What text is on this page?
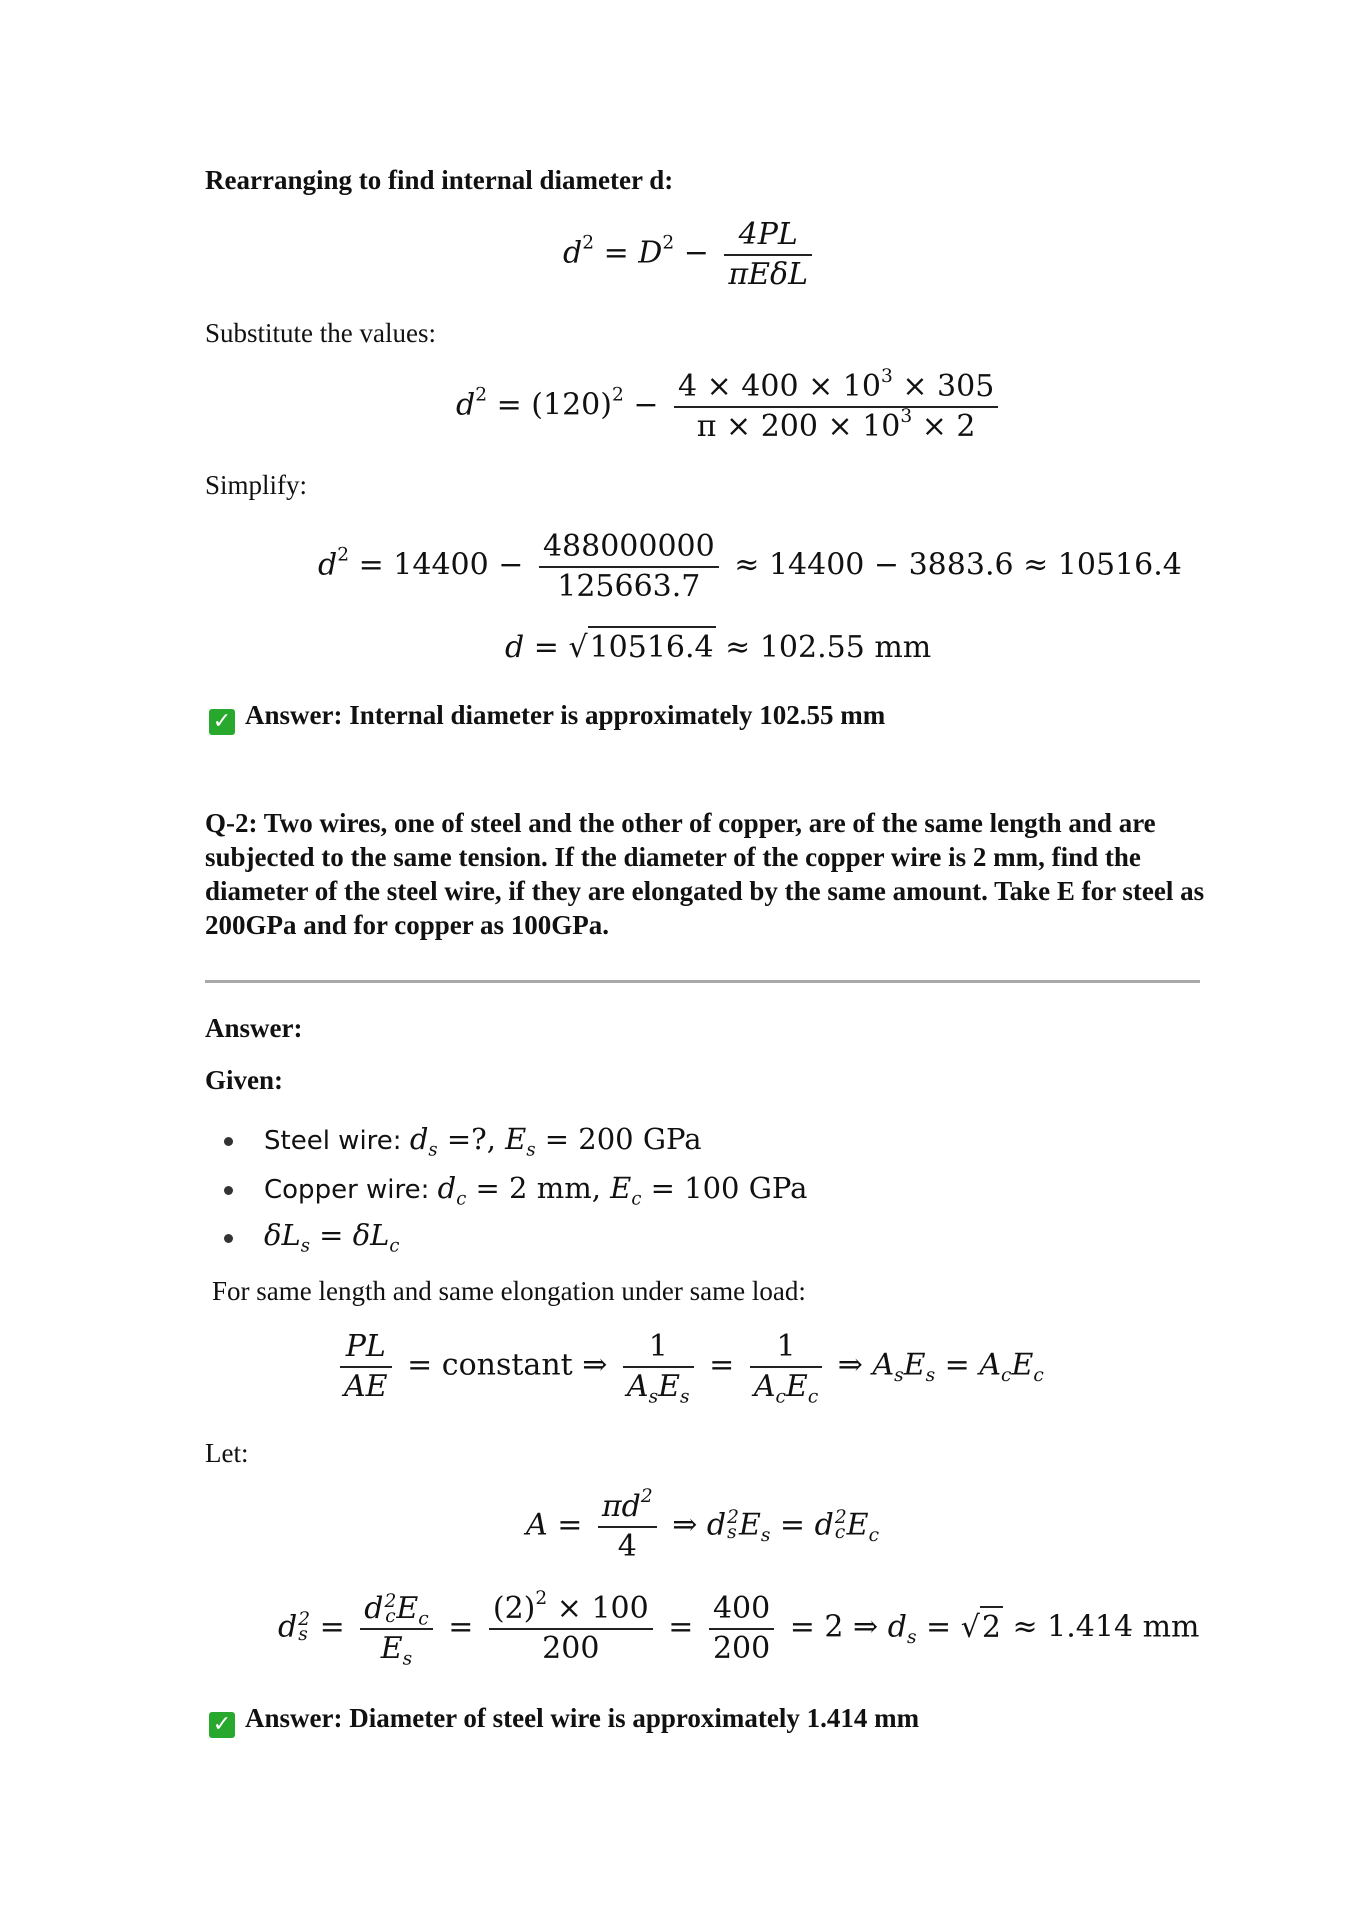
Rearranging to find internal diameter d:
$d^2 = D^2 - \frac{4PL}{\text{πEδL}}$
Substitute the values:
$d^2 = (120)^2 - \frac{4 \times 400 \times 10^3 \times 305}{\pi \times 200 \times 10^3 \times 2}$
Simplify:
$d^2 = 14400 - \frac{488000000}{125663.7} \approx 14400 - 3883.6 \approx 10516.4$
d = √10516.4 ≈ 102.55 mm
✓ Answer: Internal diameter is approximately 102.55 mm
Q-2: Two wires, one of steel and the other of copper, are of the same length and are subjected to the same tension. If the diameter of the copper wire is 2 mm, find the diameter of the steel wire, if they are elongated by the same amount. Take E for steel as 200GPa and for copper as 100GPa.
Answer:
Given:
Steel wire: $d_s$ =?, $E_s = 200$ GPa
Copper wire: $d_c = 2$ mm, $E_c = 100$ GPa
$\delta L_s = \delta L_c$
For same length and same elongation under same load:
$\frac{PL}{AE}$ = constant ⇒ $\frac{1}{A_sE_s} = \frac{1}{A_cE_c}$ ⇒ $A_sE_s = A_cE_c$
Let:
$A = \frac{\pi d^2}{4}$ ⇒ d 2
s $E_s = d$ 2
c $E_c$
d 2
s = d 2
c $E_c$
$E_s = \frac{(2)^2 \times 100}{200} = \frac{400}{200} = 2$ ⇒ $d_s = √2 \approx 1.414$ mm
✓ Answer: Diameter of steel wire is approximately 1.414 mm
